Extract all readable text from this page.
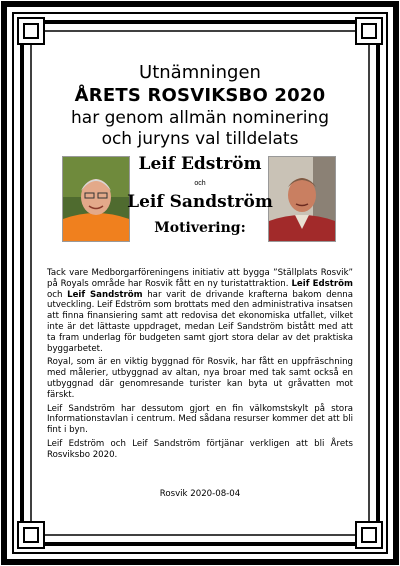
Utnämningen
ÅRETS ROSVIKSBO 2020
har genom allmän nominering
och juryns val tilldelats
Leif Edström
och
Leif Sandström
Motivering:

Tack vare Medborgarföreningens initiativ att bygga ”Ställplats Rosvik” på Royals område har Rosvik fått en ny turistattraktion. Leif Edström och Leif Sandström har varit de drivande krafterna bakom denna utveckling. Leif Edström som brottats med den administrativa insatsen att finna finansiering samt att redovisa det ekonomiska utfallet, vilket inte är det lättaste uppdraget, medan Leif Sandström bistått med att ta fram underlag för budgeten samt gjort stora delar av det praktiska byggarbetet.

Royal, som är en viktig byggnad för Rosvik, har fått en uppfräschning med målerier, utbyggnad av altan, nya broar med tak samt också en utbyggnad där genomresande turister kan byta ut gråvatten mot färskt.

Leif Sandström har dessutom gjort en fin välkomstskylt på stora Informationstavlan i centrum. Med sådana resurser kommer det att bli fint i byn.

Leif Edström och Leif Sandström förtjänar verkligen att bli Årets Rosviksbo 2020.

Rosvik 2020-08-04
